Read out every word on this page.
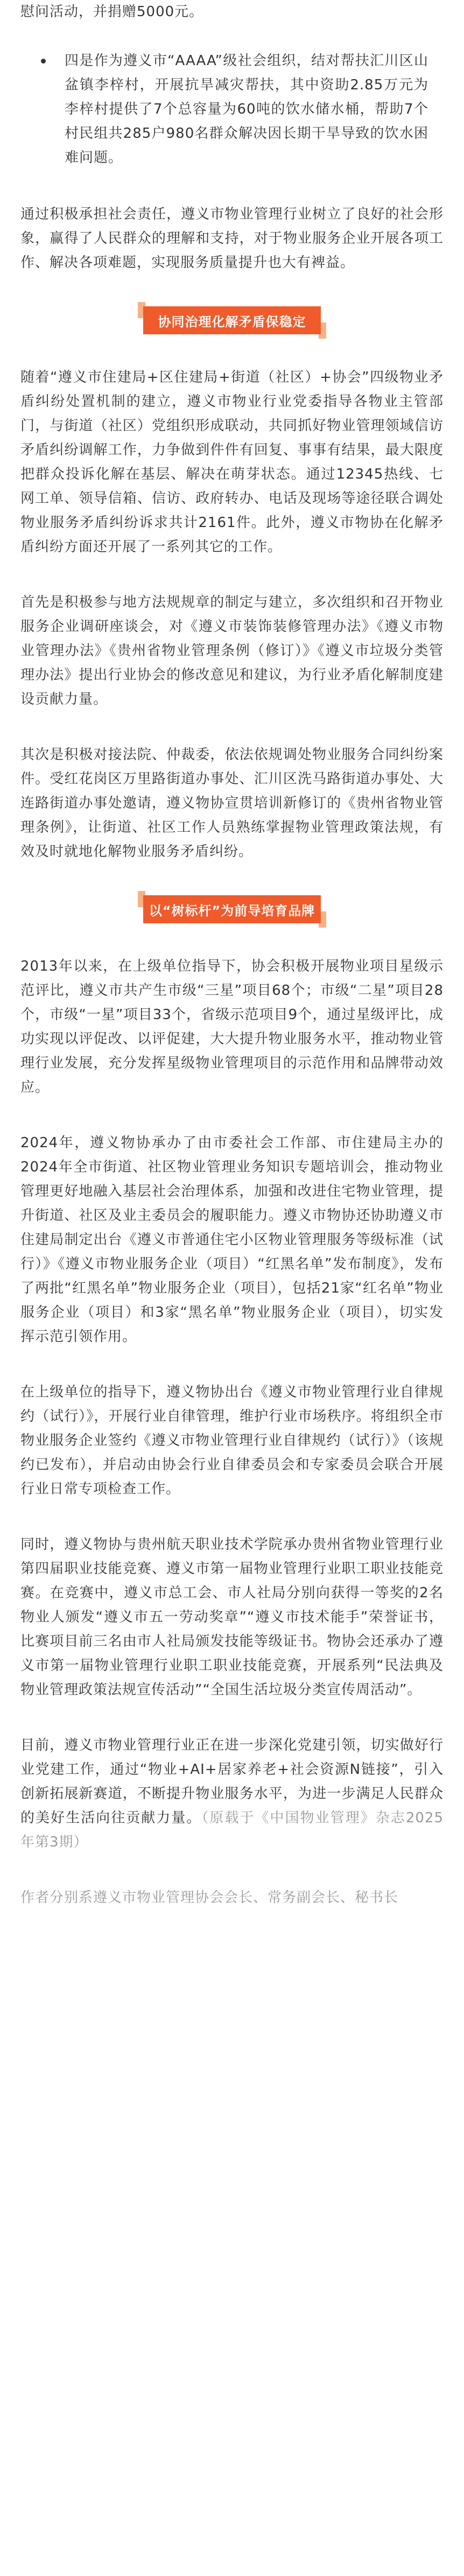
慰问活动，并捐赠5000元。

四是作为遵义市“AAAA”级社会组织，结对帮扶汇川区山盆镇李梓村，开展抗旱减灾帮扶，其中资助2.85万元为李梓村提供了7个总容量为60吨的饮水储水桶，帮助7个村民组共285户980名群众解决因长期干旱导致的饮水困难问题。

通过积极承担社会责任，遵义市物业管理行业树立了良好的社会形象，赢得了人民群众的理解和支持，对于物业服务企业开展各项工作、解决各项难题，实现服务质量提升也大有裨益。

协同治理化解矛盾保稳定

随着“遵义市住建局+区住建局+街道（社区）+协会”四级物业矛盾纠纷处置机制的建立，遵义市物业行业党委指导各物业主管部门，与街道（社区）党组织形成联动，共同抓好物业管理领域信访矛盾纠纷调解工作，力争做到件件有回复、事事有结果，最大限度把群众投诉化解在基层、解决在萌芽状态。通过12345热线、七网工单、领导信箱、信访、政府转办、电话及现场等途径联合调处物业服务矛盾纠纷诉求共计2161件。此外，遵义市物协在化解矛盾纠纷方面还开展了一系列其它的工作。

首先是积极参与地方法规规章的制定与建立，多次组织和召开物业服务企业调研座谈会，对《遵义市装饰装修管理办法》《遵义市物业管理办法》《贵州省物业管理条例（修订）》《遵义市垃圾分类管理办法》提出行业协会的修改意见和建议，为行业矛盾化解制度建设贡献力量。

其次是积极对接法院、仲裁委，依法依规调处物业服务合同纠纷案件。受红花岗区万里路街道办事处、汇川区洗马路街道办事处、大连路街道办事处邀请，遵义物协宣贯培训新修订的《贵州省物业管理条例》，让街道、社区工作人员熟练掌握物业管理政策法规，有效及时就地化解物业服务矛盾纠纷。

以“树标杆”为前导培育品牌

2013年以来，在上级单位指导下，协会积极开展物业项目星级示范评比，遵义市共产生市级“三星”项目68个；市级“二星”项目28个，市级“一星”项目33个，省级示范项目9个，通过星级评比，成功实现以评促改、以评促建，大大提升物业服务水平，推动物业管理行业发展，充分发挥星级物业管理项目的示范作用和品牌带动效应。

2024年，遵义物协承办了由市委社会工作部、市住建局主办的2024年全市街道、社区物业管理业务知识专题培训会，推动物业管理更好地融入基层社会治理体系，加强和改进住宅物业管理，提升街道、社区及业主委员会的履职能力。遵义市物协还协助遵义市住建局制定出台《遵义市普通住宅小区物业管理服务等级标准（试行）》《遵义市物业服务企业（项目）“红黑名单”发布制度》，发布了两批“红黑名单”物业服务企业（项目），包括21家“红名单”物业服务企业（项目）和3家“黑名单”物业服务企业（项目），切实发挥示范引领作用。

在上级单位的指导下，遵义物协出台《遵义市物业管理行业自律规约（试行）》，开展行业自律管理，维护行业市场秩序。将组织全市物业服务企业签约《遵义市物业管理行业自律规约（试行）》（该规约已发布），并启动由协会行业自律委员会和专家委员会联合开展行业日常专项检查工作。

同时，遵义物协与贵州航天职业技术学院承办贵州省物业管理行业第四届职业技能竞赛、遵义市第一届物业管理行业职工职业技能竞赛。在竞赛中，遵义市总工会、市人社局分别向获得一等奖的2名物业人颁发“遵义市五一劳动奖章”“遵义市技术能手”荣誉证书，比赛项目前三名由市人社局颁发技能等级证书。物协会还承办了遵义市第一届物业管理行业职工职业技能竞赛，开展系列“民法典及物业管理政策法规宣传活动”“全国生活垃圾分类宣传周活动”。

目前，遵义市物业管理行业正在进一步深化党建引领，切实做好行业党建工作，通过“物业+AI+居家养老+社会资源N链接”，引入创新拓展新赛道，不断提升物业服务水平，为进一步满足人民群众的美好生活向往贡献力量。（原载于《中国物业管理》杂志2025年第3期）

作者分别系遵义市物业管理协会会长、常务副会长、秘书长
